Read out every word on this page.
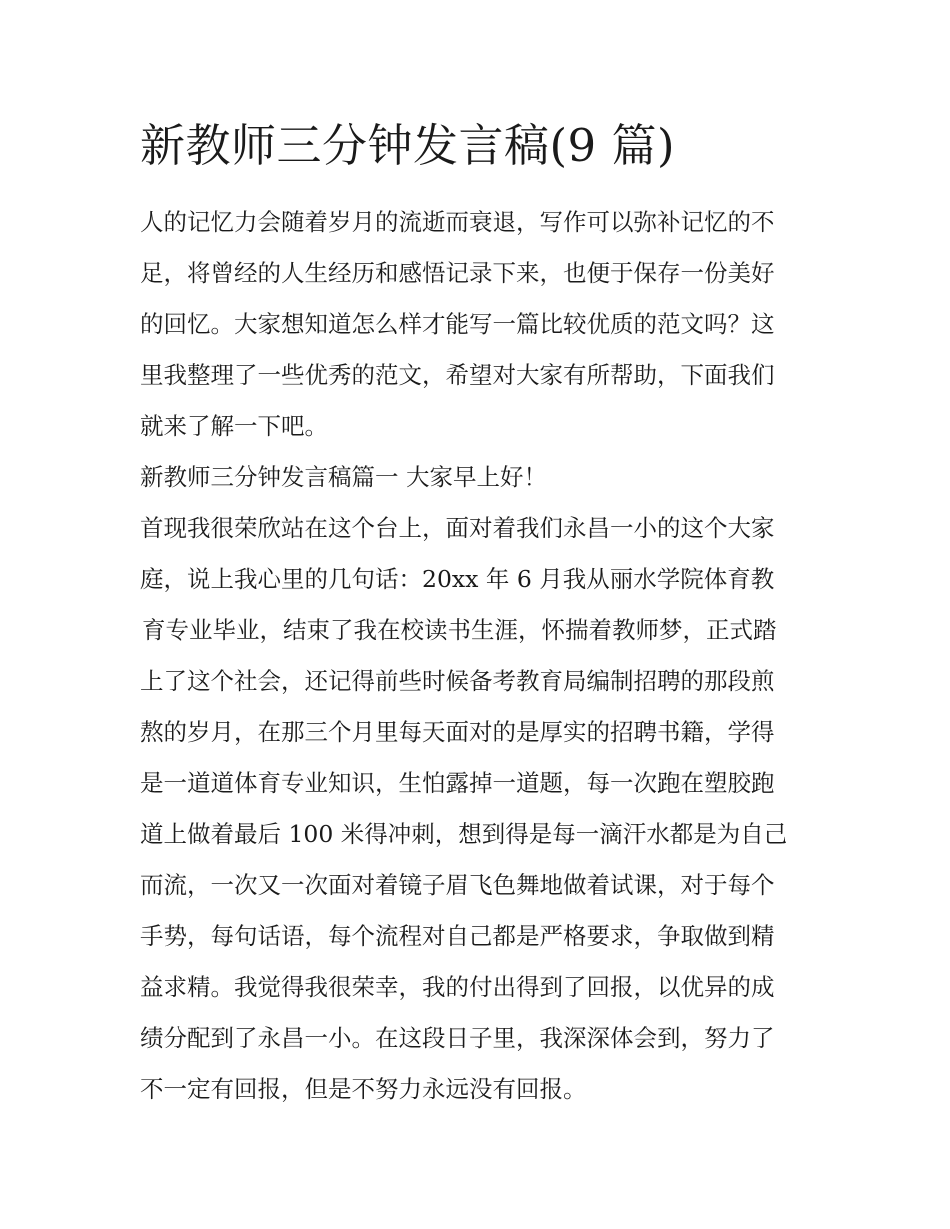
新教师三分钟发言稿(9 篇)
人的记忆力会随着岁月的流逝而衰退，写作可以弥补记忆的不
足，将曾经的人生经历和感悟记录下来，也便于保存一份美好
的回忆。大家想知道怎么样才能写一篇比较优质的范文吗？这
里我整理了一些优秀的范文，希望对大家有所帮助，下面我们
就来了解一下吧。
新教师三分钟发言稿篇一 大家早上好！
首现我很荣欣站在这个台上，面对着我们永昌一小的这个大家
庭，说上我心里的几句话：20xx 年 6 月我从丽水学院体育教
育专业毕业，结束了我在校读书生涯，怀揣着教师梦，正式踏
上了这个社会，还记得前些时候备考教育局编制招聘的那段煎
熬的岁月，在那三个月里每天面对的是厚实的招聘书籍，学得
是一道道体育专业知识，生怕露掉一道题，每一次跑在塑胶跑
道上做着最后 100 米得冲刺，想到得是每一滴汗水都是为自己
而流，一次又一次面对着镜子眉飞色舞地做着试课，对于每个
手势，每句话语，每个流程对自己都是严格要求，争取做到精
益求精。我觉得我很荣幸，我的付出得到了回报，以优异的成
绩分配到了永昌一小。在这段日子里，我深深体会到，努力了
不一定有回报，但是不努力永远没有回报。
